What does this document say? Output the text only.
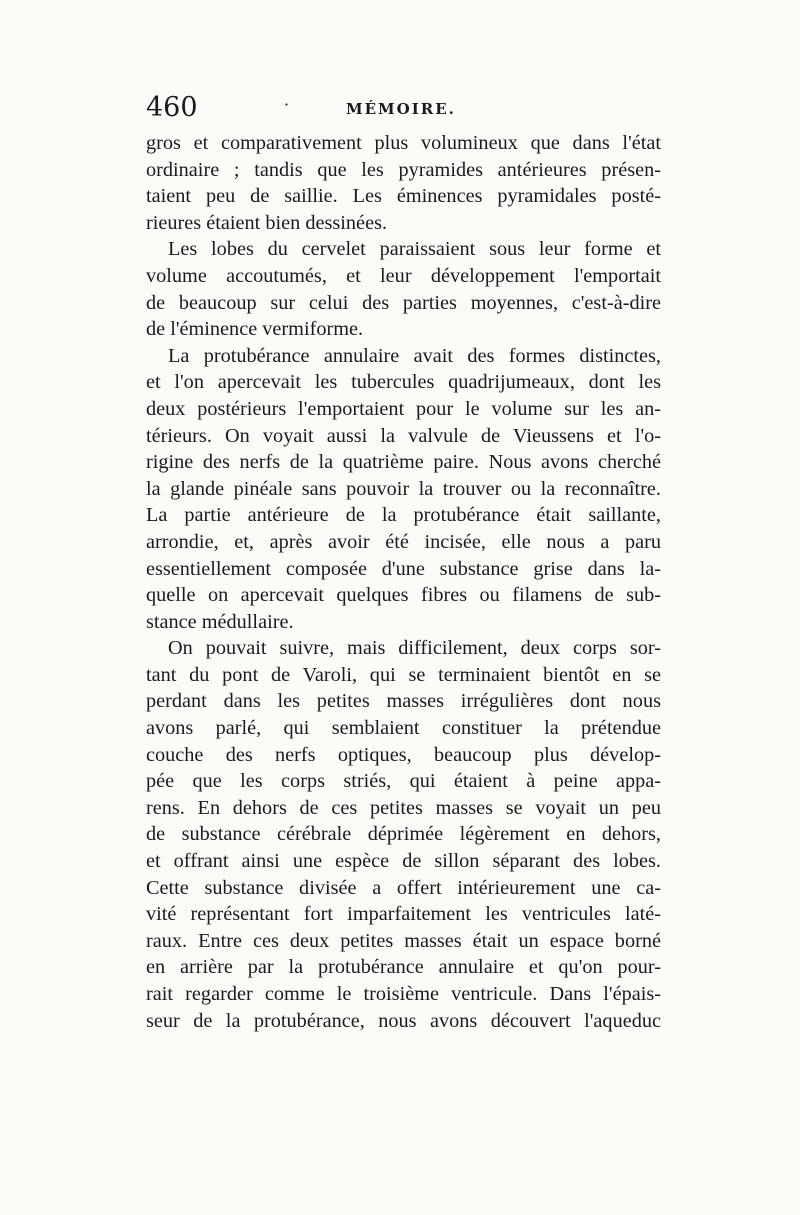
460	·	MÉMOIRE.
gros et comparativement plus volumineux que dans l'état
ordinaire ; tandis que les pyramides antérieures présen-
taient peu de saillie. Les éminences pyramidales posté-
rieures étaient bien dessinées.
Les lobes du cervelet paraissaient sous leur forme et
volume accoutumés, et leur développement l'emportait
de beaucoup sur celui des parties moyennes, c'est-à-dire
de l'éminence vermiforme.
La protubérance annulaire avait des formes distinctes,
et l'on apercevait les tubercules quadrijumeaux, dont les
deux postérieurs l'emportaient pour le volume sur les an-
térieurs. On voyait aussi la valvule de Vieussens et l'o-
rigine des nerfs de la quatrième paire. Nous avons cherché
la glande pinéale sans pouvoir la trouver ou la reconnaître.
La partie antérieure de la protubérance était saillante,
arrondie, et, après avoir été incisée, elle nous a paru
essentiellement composée d'une substance grise dans la-
quelle on apercevait quelques fibres ou filamens de sub-
stance médullaire.
On pouvait suivre, mais difficilement, deux corps sor-
tant du pont de Varoli, qui se terminaient bientôt en se
perdant dans les petites masses irrégulières dont nous
avons parlé, qui semblaient constituer la prétendue
couche des nerfs optiques, beaucoup plus dévelop-
pée que les corps striés, qui étaient à peine appa-
rens. En dehors de ces petites masses se voyait un peu
de substance cérébrale déprimée légèrement en dehors,
et offrant ainsi une espèce de sillon séparant des lobes.
Cette substance divisée a offert intérieurement une ca-
vité représentant fort imparfaitement les ventricules laté-
raux. Entre ces deux petites masses était un espace borné
en arrière par la protubérance annulaire et qu'on pour-
rait regarder comme le troisième ventricule. Dans l'épais-
seur de la protubérance, nous avons découvert l'aqueduc
